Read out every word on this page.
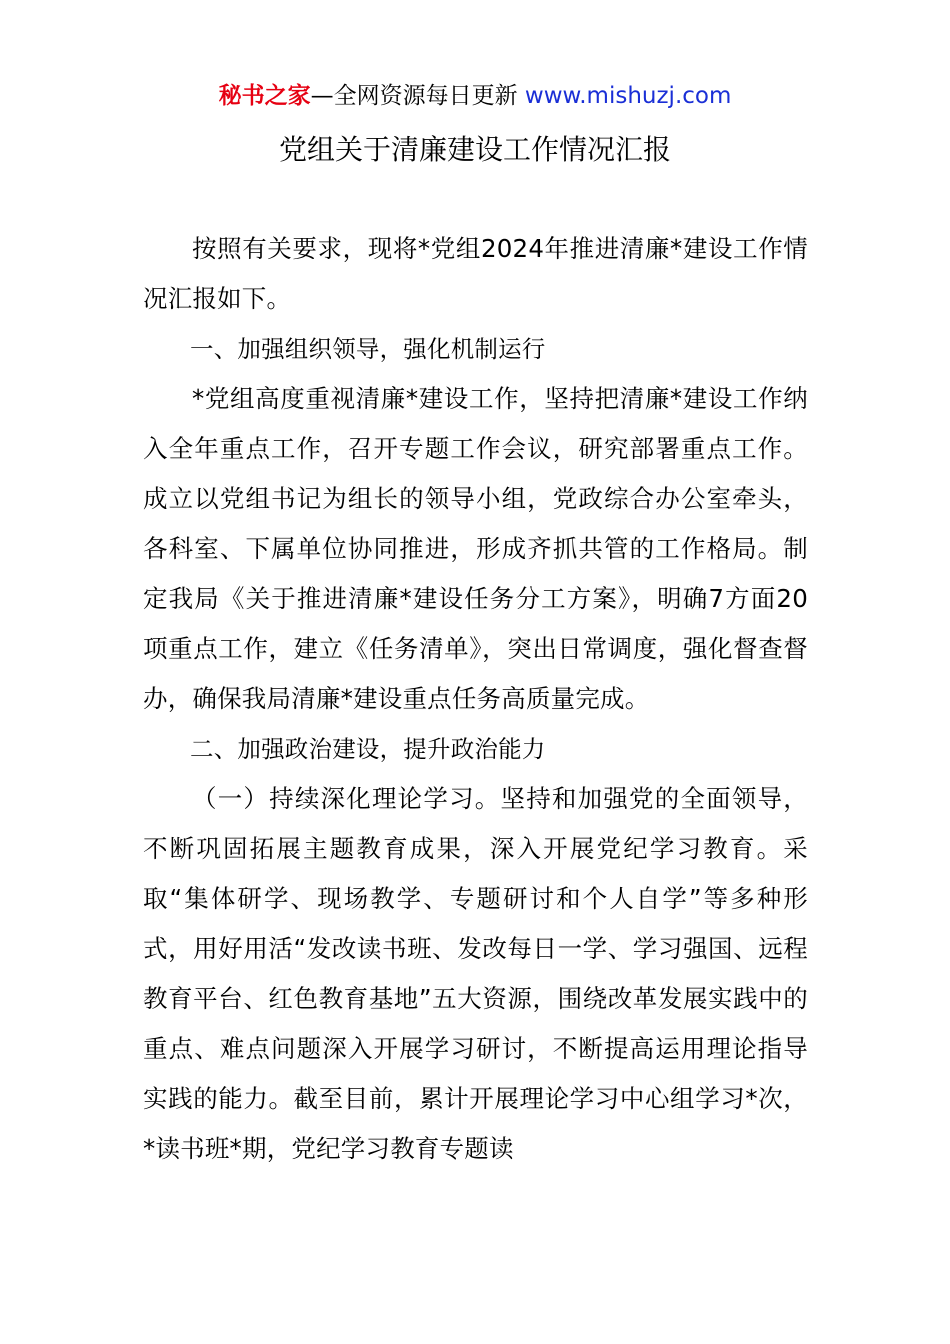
秘书之家—全网资源每日更新 www.mishuzj.com
党组关于清廉建设工作情况汇报

按照有关要求，现将*党组2024年推进清廉*建设工作情况汇报如下。

一、加强组织领导，强化机制运行

*党组高度重视清廉*建设工作，坚持把清廉*建设工作纳入全年重点工作，召开专题工作会议，研究部署重点工作。成立以党组书记为组长的领导小组，党政综合办公室牵头，各科室、下属单位协同推进，形成齐抓共管的工作格局。制定我局《关于推进清廉*建设任务分工方案》，明确7方面20项重点工作，建立《任务清单》，突出日常调度，强化督查督办，确保我局清廉*建设重点任务高质量完成。

二、加强政治建设，提升政治能力

（一）持续深化理论学习。坚持和加强党的全面领导，不断巩固拓展主题教育成果，深入开展党纪学习教育。采取“集体研学、现场教学、专题研讨和个人自学”等多种形式，用好用活“发改读书班、发改每日一学、学习强国、远程教育平台、红色教育基地”五大资源，围绕改革发展实践中的重点、难点问题深入开展学习研讨，不断提高运用理论指导实践的能力。截至目前，累计开展理论学习中心组学习*次，*读书班*期，党纪学习教育专题读
